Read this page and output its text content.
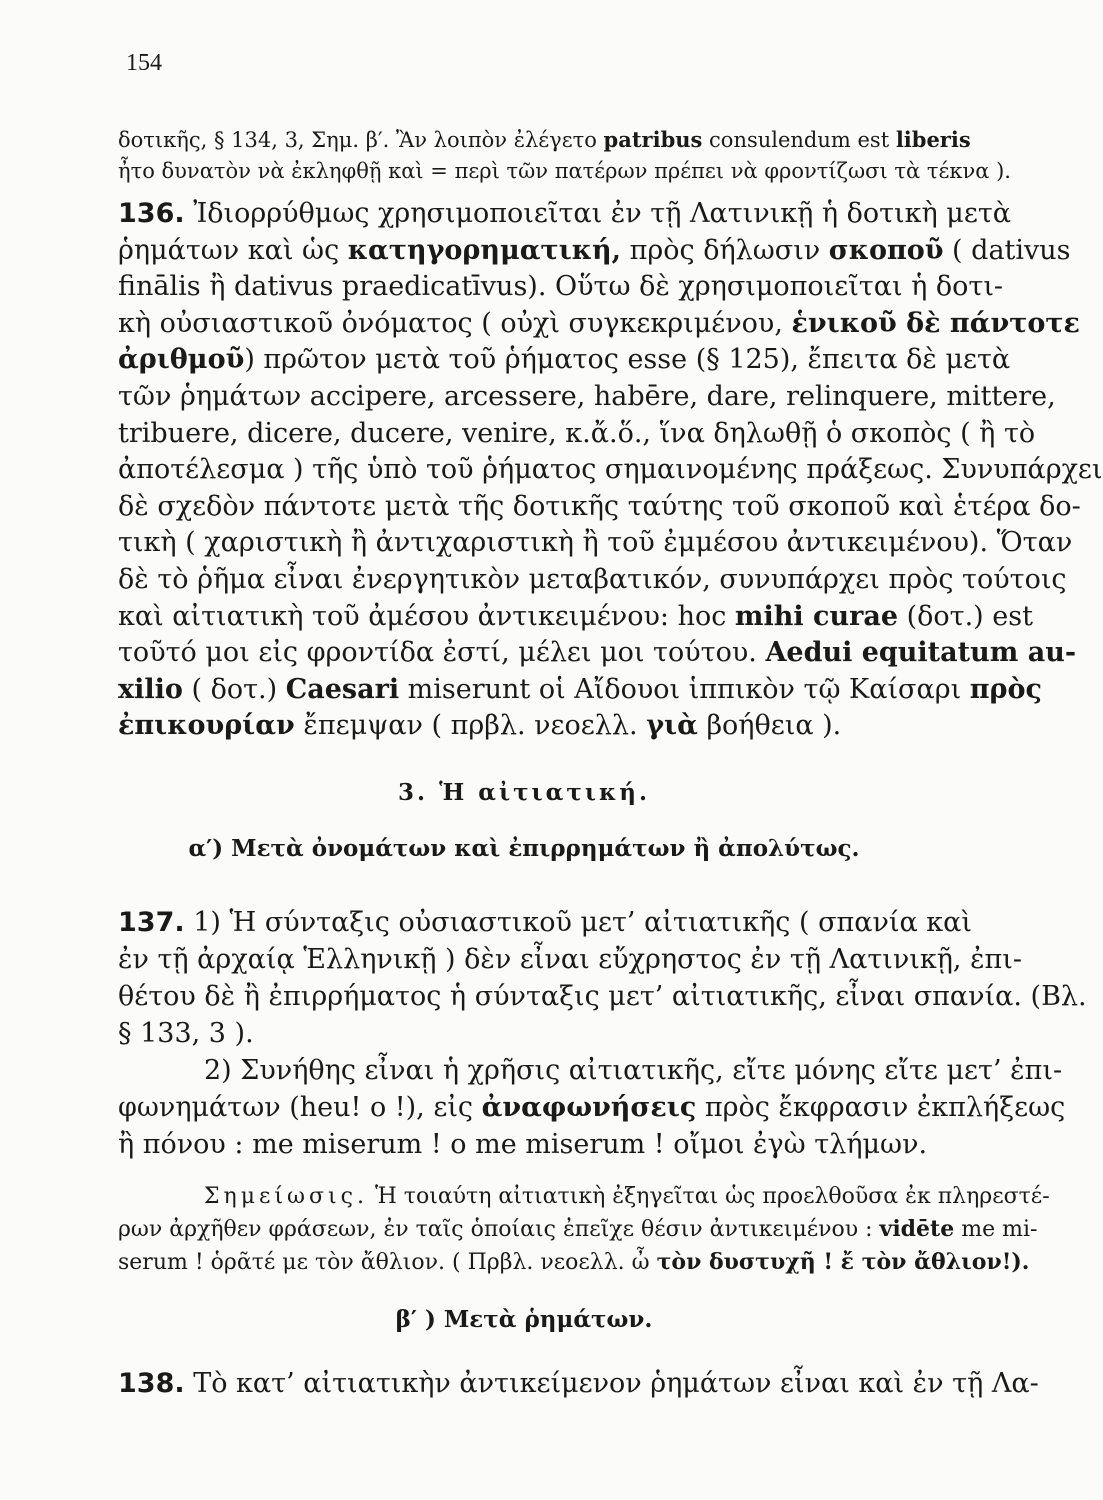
154
δοτικῆς, § 134, 3, Σημ. β′. Ἂν λοιπὸν ἐλέγετο patribus consulendum est liberis
ἦτο δυνατὸν νὰ ἐκληφθῇ καὶ = περὶ τῶν πατέρων πρέπει νὰ φροντίζωσι τὰ τέκνα ).
136. Ἰδιορρύθμως χρησιμοποιεῖται ἐν τῇ Λατινικῇ ἡ δοτικὴ μετὰ
ῥημάτων καὶ ὡς κατηγορηματική, πρὸς δήλωσιν σκοποῦ ( dativus
finālis ἢ dativus praedicatīvus). Οὕτω δὲ χρησιμοποιεῖται ἡ δοτι-
κὴ οὐσιαστικοῦ ὀνόματος ( οὐχὶ συγκεκριμένου, ἑνικοῦ δὲ πάντοτε
ἀριθμοῦ) πρῶτον μετὰ τοῦ ῥήματος esse (§ 125), ἔπειτα δὲ μετὰ
τῶν ῥημάτων accipere, arcessere, habēre, dare, relinquere, mittere,
tribuere, dicere, ducere, venire, κ.ἄ.ὅ., ἵνα δηλωθῇ ὁ σκοπὸς ( ἢ τὸ
ἀποτέλεσμα ) τῆς ὑπὸ τοῦ ῥήματος σημαινομένης πράξεως. Συνυπάρχει
δὲ σχεδὸν πάντοτε μετὰ τῆς δοτικῆς ταύτης τοῦ σκοποῦ καὶ ἑτέρα δο-
τικὴ ( χαριστικὴ ἢ ἀντιχαριστικὴ ἢ τοῦ ἐμμέσου ἀντικειμένου). Ὅταν
δὲ τὸ ῥῆμα εἶναι ἐνεργητικὸν μεταβατικόν, συνυπάρχει πρὸς τούτοις
καὶ αἰτιατικὴ τοῦ ἀμέσου ἀντικειμένου: hoc mihi curae (δοτ.) est
τοῦτό μοι εἰς φροντίδα ἐστί, μέλει μοι τούτου. Aedui equitatum au-
xilio ( δοτ.) Caesari miserunt οἱ Αἴδουοι ἱππικὸν τῷ Καίσαρι πρὸς
ἐπικουρίαν ἔπεμψαν ( πρβλ. νεοελλ. γιὰ βοήθεια ).
3. Ἡ αἰτιατική.
α′) Μετὰ ὀνομάτων καὶ ἐπιρρημάτων ἢ ἀπολύτως.
137. 1) Ἡ σύνταξις οὐσιαστικοῦ μετ’ αἰτιατικῆς ( σπανία καὶ
ἐν τῇ ἀρχαίᾳ Ἑλληνικῇ ) δὲν εἶναι εὔχρηστος ἐν τῇ Λατινικῇ, ἐπι-
θέτου δὲ ἢ ἐπιρρήματος ἡ σύνταξις μετ’ αἰτιατικῆς, εἶναι σπανία. (Βλ.
§ 133, 3 ).
2) Συνήθης εἶναι ἡ χρῆσις αἰτιατικῆς, εἴτε μόνης εἴτε μετ’ ἐπι-
φωνημάτων (heu! o !), εἰς ἀναφωνήσεις πρὸς ἔκφρασιν ἐκπλήξεως
ἢ πόνου : me miserum ! o me miserum ! οἴμοι ἐγὼ τλήμων.
Σημείωσις. Ἡ τοιαύτη αἰτιατικὴ ἐξηγεῖται ὡς προελθοῦσα ἐκ πληρεστέ-
ρων ἀρχῆθεν φράσεων, ἐν ταῖς ὁποίαις ἐπεῖχε θέσιν ἀντικειμένου : vidēte me mi-
serum ! ὁρᾶτέ με τὸν ἄθλιον. ( Πρβλ. νεοελλ. ὦ τὸν δυστυχῆ ! ἔ τὸν ἄθλιον!).
β′ ) Μετὰ ῥημάτων.
138. Τὸ κατ’ αἰτιατικὴν ἀντικείμενον ῥημάτων εἶναι καὶ ἐν τῇ Λα-
